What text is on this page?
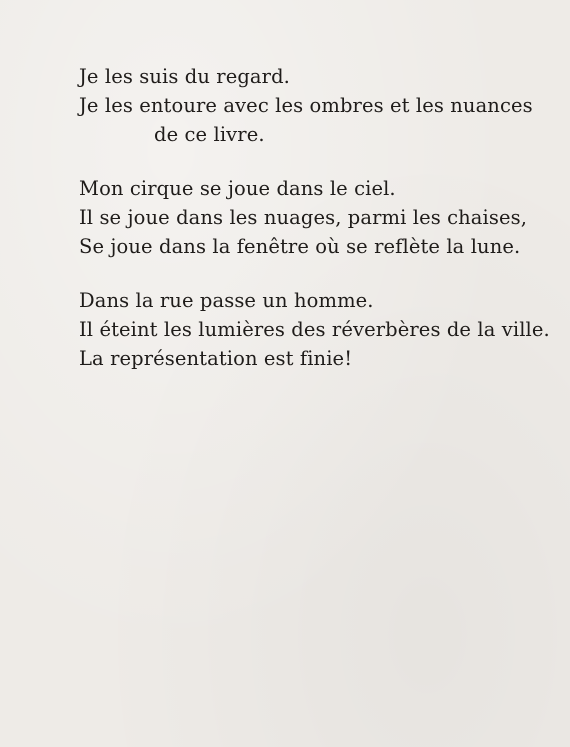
Je les suis du regard.
Je les entoure avec les ombres et les nuances
de ce livre.
Mon cirque se joue dans le ciel.
Il se joue dans les nuages, parmi les chaises,
Se joue dans la fenêtre où se reflète la lune.
Dans la rue passe un homme.
Il éteint les lumières des réverbères de la ville.
La représentation est finie!
